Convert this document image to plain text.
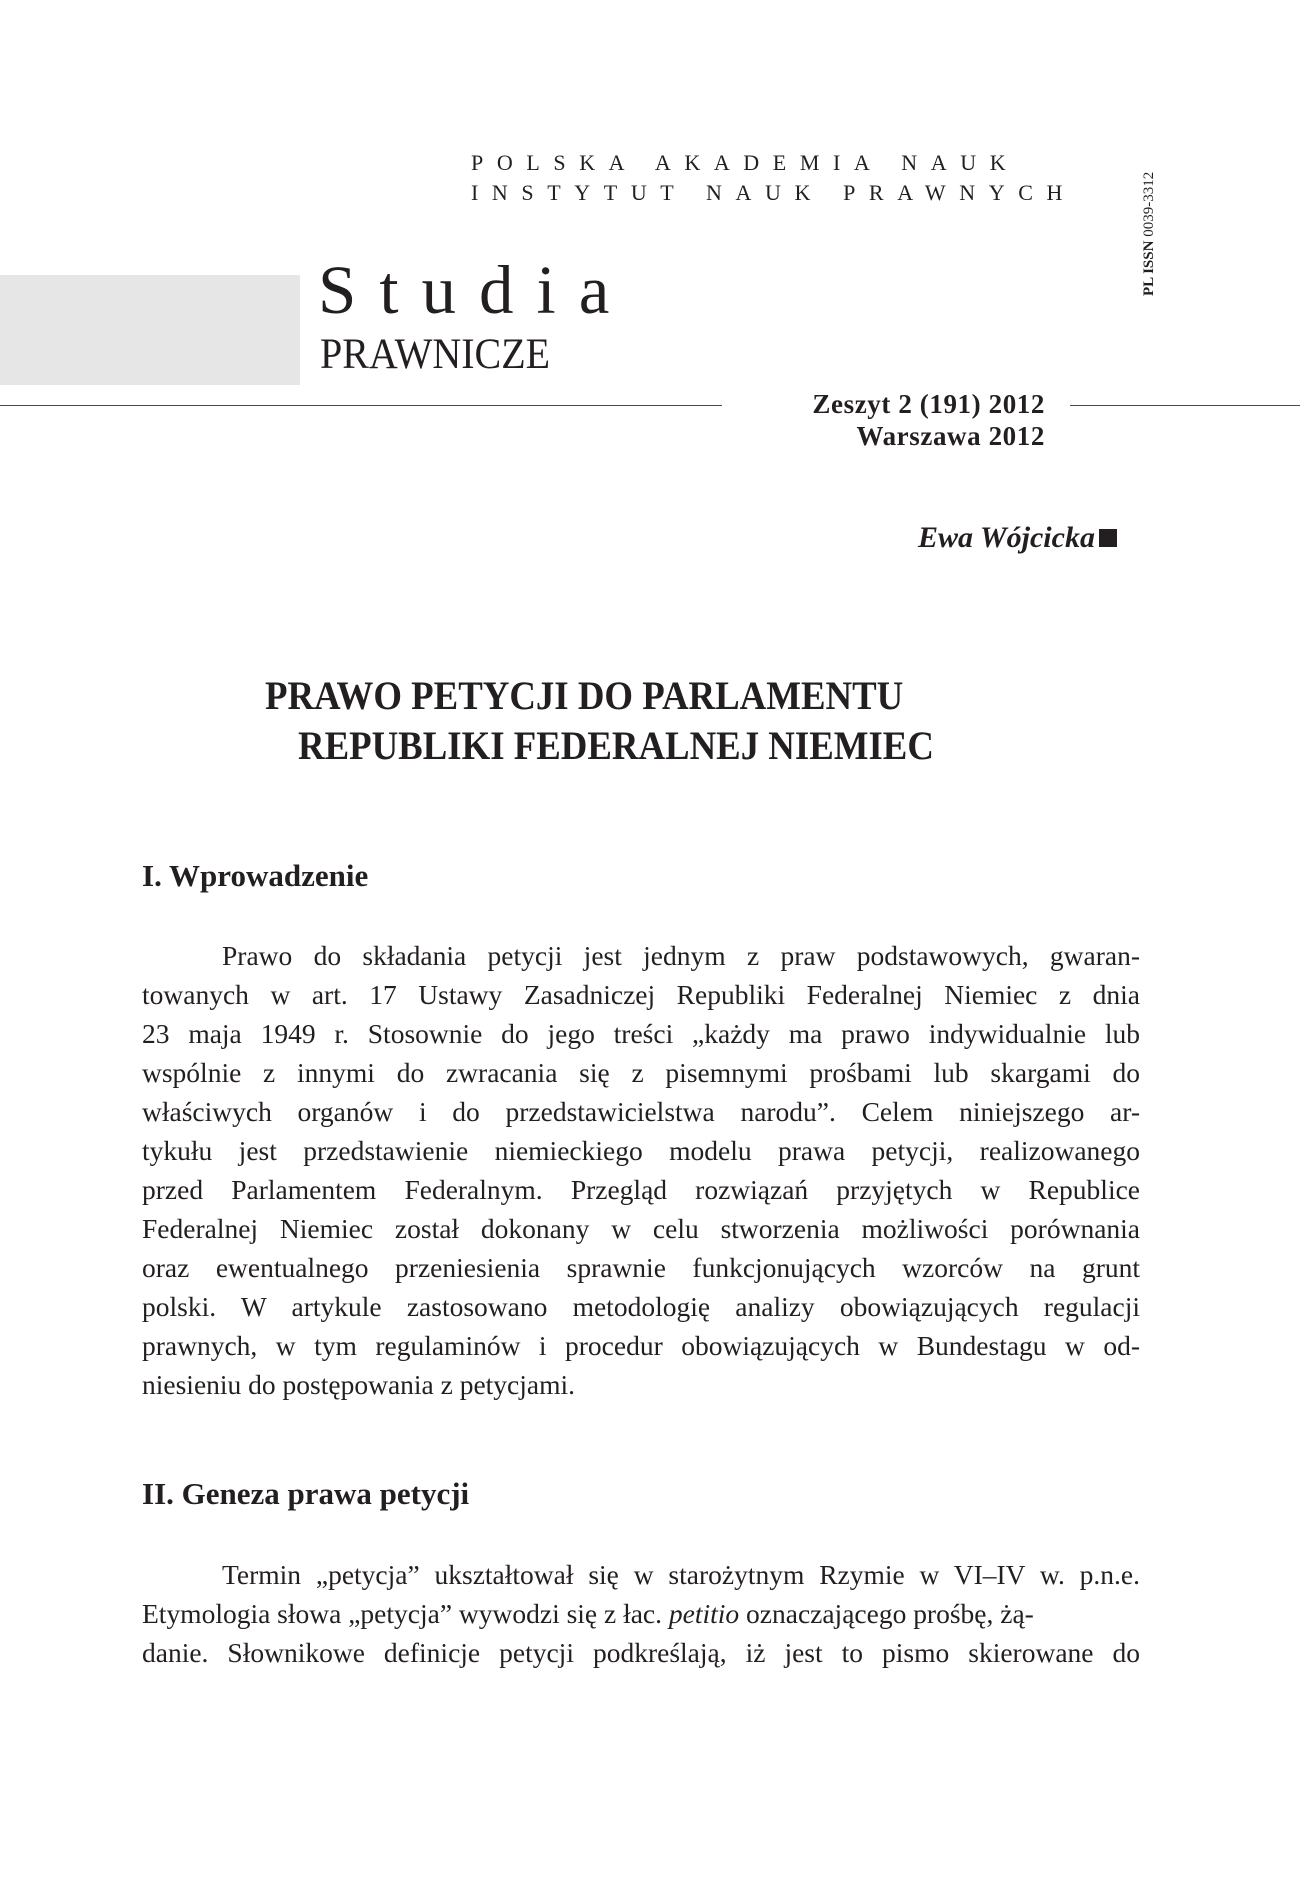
POLSKA AKADEMIA NAUK
INSTYTUT NAUK PRAWNYCH
PL ISSN 0039-3312
Studia
PRAWNICZE
Zeszyt 2 (191) 2012
Warszawa 2012
Ewa Wójcicka
PRAWO PETYCJI DO PARLAMENTU
REPUBLIKI FEDERALNEJ NIEMIEC
I. Wprowadzenie
Prawo do składania petycji jest jednym z praw podstawowych, gwaran-
towanych w art. 17 Ustawy Zasadniczej Republiki Federalnej Niemiec z dnia
23 maja 1949 r. Stosownie do jego treści „każdy ma prawo indywidualnie lub
wspólnie z innymi do zwracania się z pisemnymi prośbami lub skargami do
właściwych organów i do przedstawicielstwa narodu”. Celem niniejszego ar-
tykułu jest przedstawienie niemieckiego modelu prawa petycji, realizowanego
przed Parlamentem Federalnym. Przegląd rozwiązań przyjętych w Republice
Federalnej Niemiec został dokonany w celu stworzenia możliwości porównania
oraz ewentualnego przeniesienia sprawnie funkcjonujących wzorców na grunt
polski. W artykule zastosowano metodologię analizy obowiązujących regulacji
prawnych, w tym regulaminów i procedur obowiązujących w Bundestagu w od-
niesieniu do postępowania z petycjami.
II. Geneza prawa petycji
Termin „petycja” ukształtował się w starożytnym Rzymie w VI–IV w. p.n.e.
Etymologia słowa „petycja” wywodzi się z łac. petitio oznaczającego prośbę, żą-
danie. Słownikowe definicje petycji podkreślają, iż jest to pismo skierowane do
